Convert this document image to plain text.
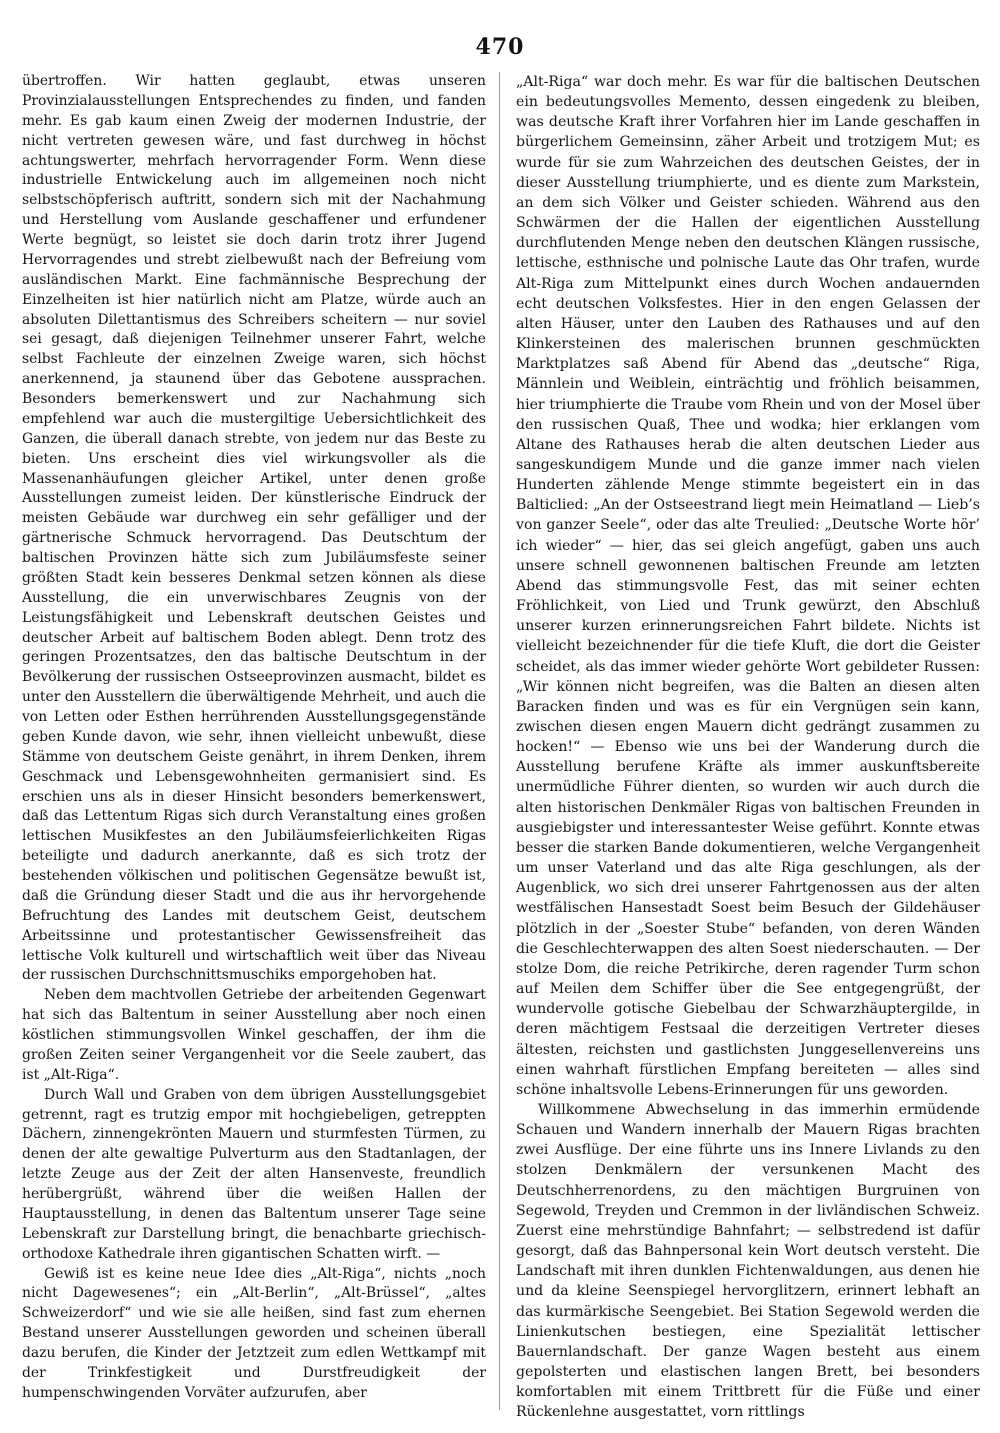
470

übertroffen. Wir hatten geglaubt, etwas unseren Provinzialausstellungen Entsprechendes zu finden, und fanden mehr. Es gab kaum einen Zweig der modernen Industrie, der nicht vertreten gewesen wäre, und fast durchweg in höchst achtungswerter, mehrfach hervorragender Form. Wenn diese industrielle Entwickelung auch im allgemeinen noch nicht selbstschöpferisch auftritt, sondern sich mit der Nachahmung und Herstellung vom Auslande geschaffener und erfundener Werte begnügt, so leistet sie doch darin trotz ihrer Jugend Hervorragendes und strebt zielbewußt nach der Befreiung vom ausländischen Markt. Eine fachmännische Besprechung der Einzelheiten ist hier natürlich nicht am Platze, würde auch an absoluten Dilettantismus des Schreibers scheitern — nur soviel sei gesagt, daß diejenigen Teilnehmer unserer Fahrt, welche selbst Fachleute der einzelnen Zweige waren, sich höchst anerkennend, ja staunend über das Gebotene aussprachen. Besonders bemerkenswert und zur Nachahmung sich empfehlend war auch die mustergiltige Uebersichtlichkeit des Ganzen, die überall danach strebte, von jedem nur das Beste zu bieten. Uns erscheint dies viel wirkungsvoller als die Massenanhäufungen gleicher Artikel, unter denen große Ausstellungen zumeist leiden. Der künstlerische Eindruck der meisten Gebäude war durchweg ein sehr gefälliger und der gärtnerische Schmuck hervorragend. Das Deutschtum der baltischen Provinzen hätte sich zum Jubiläumsfeste seiner größten Stadt kein besseres Denkmal setzen können als diese Ausstellung, die ein unverwischbares Zeugnis von der Leistungsfähigkeit und Lebenskraft deutschen Geistes und deutscher Arbeit auf baltischem Boden ablegt. Denn trotz des geringen Prozentsatzes, den das baltische Deutschtum in der Bevölkerung der russischen Ostseeprovinzen ausmacht, bildet es unter den Ausstellern die überwältigende Mehrheit, und auch die von Letten oder Esthen herrührenden Ausstellungsgegenstände geben Kunde davon, wie sehr, ihnen vielleicht unbewußt, diese Stämme von deutschem Geiste genährt, in ihrem Denken, ihrem Geschmack und Lebensgewohnheiten germanisiert sind. Es erschien uns als in dieser Hinsicht besonders bemerkenswert, daß das Lettentum Rigas sich durch Veranstaltung eines großen lettischen Musikfestes an den Jubiläumsfeierlichkeiten Rigas beteiligte und dadurch anerkannte, daß es sich trotz der bestehenden völkischen und politischen Gegensätze bewußt ist, daß die Gründung dieser Stadt und die aus ihr hervorgehende Befruchtung des Landes mit deutschem Geist, deutschem Arbeitssinne und protestantischer Gewissensfreiheit das lettische Volk kulturell und wirtschaftlich weit über das Niveau der russischen Durchschnittsmuschiks emporgehoben hat.

Neben dem machtvollen Getriebe der arbeitenden Gegenwart hat sich das Baltentum in seiner Ausstellung aber noch einen köstlichen stimmungsvollen Winkel geschaffen, der ihm die großen Zeiten seiner Vergangenheit vor die Seele zaubert, das ist „Alt-Riga“.

Durch Wall und Graben von dem übrigen Ausstellungsgebiet getrennt, ragt es trutzig empor mit hochgiebeligen, getreppten Dächern, zinnengekrönten Mauern und sturmfesten Türmen, zu denen der alte gewaltige Pulverturm aus den Stadtanlagen, der letzte Zeuge aus der Zeit der alten Hansenveste, freundlich herübergrüßt, während über die weißen Hallen der Hauptausstellung, in denen das Baltentum unserer Tage seine Lebenskraft zur Darstellung bringt, die benachbarte griechisch-orthodoxe Kathedrale ihren gigantischen Schatten wirft. —

Gewiß ist es keine neue Idee dies „Alt-Riga“, nichts „noch nicht Dagewesenes“; ein „Alt-Berlin“, „Alt-Brüssel“, „altes Schweizerdorf“ und wie sie alle heißen, sind fast zum ehernen Bestand unserer Ausstellungen geworden und scheinen überall dazu berufen, die Kinder der Jetztzeit zum edlen Wettkampf mit der Trinkfestigkeit und Durstfreudigkeit der humpenschwingenden Vorväter aufzurufen, aber

„Alt-Riga“ war doch mehr. Es war für die baltischen Deutschen ein bedeutungsvolles Memento, dessen eingedenk zu bleiben, was deutsche Kraft ihrer Vorfahren hier im Lande geschaffen in bürgerlichem Gemeinsinn, zäher Arbeit und trotzigem Mut; es wurde für sie zum Wahrzeichen des deutschen Geistes, der in dieser Ausstellung triumphierte, und es diente zum Markstein, an dem sich Völker und Geister schieden. Während aus den Schwärmen der die Hallen der eigentlichen Ausstellung durchflutenden Menge neben den deutschen Klängen russische, lettische, esthnische und polnische Laute das Ohr trafen, wurde Alt-Riga zum Mittelpunkt eines durch Wochen andauernden echt deutschen Volksfestes. Hier in den engen Gelassen der alten Häuser, unter den Lauben des Rathauses und auf den Klinkersteinen des malerischen brunnen geschmückten Marktplatzes saß Abend für Abend das „deutsche“ Riga, Männlein und Weiblein, einträchtig und fröhlich beisammen, hier triumphierte die Traube vom Rhein und von der Mosel über den russischen Quaß, Thee und wodka; hier erklangen vom Altane des Rathauses herab die alten deutschen Lieder aus sangeskundigem Munde und die ganze immer nach vielen Hunderten zählende Menge stimmte begeistert ein in das Balticlied: „An der Ostseestrand liegt mein Heimatland — Lieb’s von ganzer Seele“, oder das alte Treulied: „Deutsche Worte hör’ ich wieder“ — hier, das sei gleich angefügt, gaben uns auch unsere schnell gewonnenen baltischen Freunde am letzten Abend das stimmungsvolle Fest, das mit seiner echten Fröhlichkeit, von Lied und Trunk gewürzt, den Abschluß unserer kurzen erinnerungsreichen Fahrt bildete. Nichts ist vielleicht bezeichnender für die tiefe Kluft, die dort die Geister scheidet, als das immer wieder gehörte Wort gebildeter Russen: „Wir können nicht begreifen, was die Balten an diesen alten Baracken finden und was es für ein Vergnügen sein kann, zwischen diesen engen Mauern dicht gedrängt zusammen zu hocken!“ — Ebenso wie uns bei der Wanderung durch die Ausstellung berufene Kräfte als immer auskunftsbereite unermüdliche Führer dienten, so wurden wir auch durch die alten historischen Denkmäler Rigas von baltischen Freunden in ausgiebigster und interessantester Weise geführt. Konnte etwas besser die starken Bande dokumentieren, welche Vergangenheit um unser Vaterland und das alte Riga geschlungen, als der Augenblick, wo sich drei unserer Fahrtgenossen aus der alten westfälischen Hansestadt Soest beim Besuch der Gildehäuser plötzlich in der „Soester Stube“ befanden, von deren Wänden die Geschlechterwappen des alten Soest niederschauten. — Der stolze Dom, die reiche Petrikirche, deren ragender Turm schon auf Meilen dem Schiffer über die See entgegengrüßt, der wundervolle gotische Giebelbau der Schwarzhäuptergilde, in deren mächtigem Festsaal die derzeitigen Vertreter dieses ältesten, reichsten und gastlichsten Junggesellenvereins uns einen wahrhaft fürstlichen Empfang bereiteten — alles sind schöne inhaltsvolle Lebens-Erinnerungen für uns geworden.

Willkommene Abwechselung in das immerhin ermüdende Schauen und Wandern innerhalb der Mauern Rigas brachten zwei Ausflüge. Der eine führte uns ins Innere Livlands zu den stolzen Denkmälern der versunkenen Macht des Deutschherrenordens, zu den mächtigen Burgruinen von Segewold, Treyden und Cremmon in der livländischen Schweiz. Zuerst eine mehrstündige Bahnfahrt; — selbstredend ist dafür gesorgt, daß das Bahnpersonal kein Wort deutsch versteht. Die Landschaft mit ihren dunklen Fichtenwaldungen, aus denen hie und da kleine Seenspiegel hervorglitzern, erinnert lebhaft an das kurmärkische Seengebiet. Bei Station Segewold werden die Linienkutschen bestiegen, eine Spezialität lettischer Bauernlandschaft. Der ganze Wagen besteht aus einem gepolsterten und elastischen langen Brett, bei besonders komfortablen mit einem Trittbrett für die Füße und einer Rückenlehne ausgestattet, vorn rittlings
